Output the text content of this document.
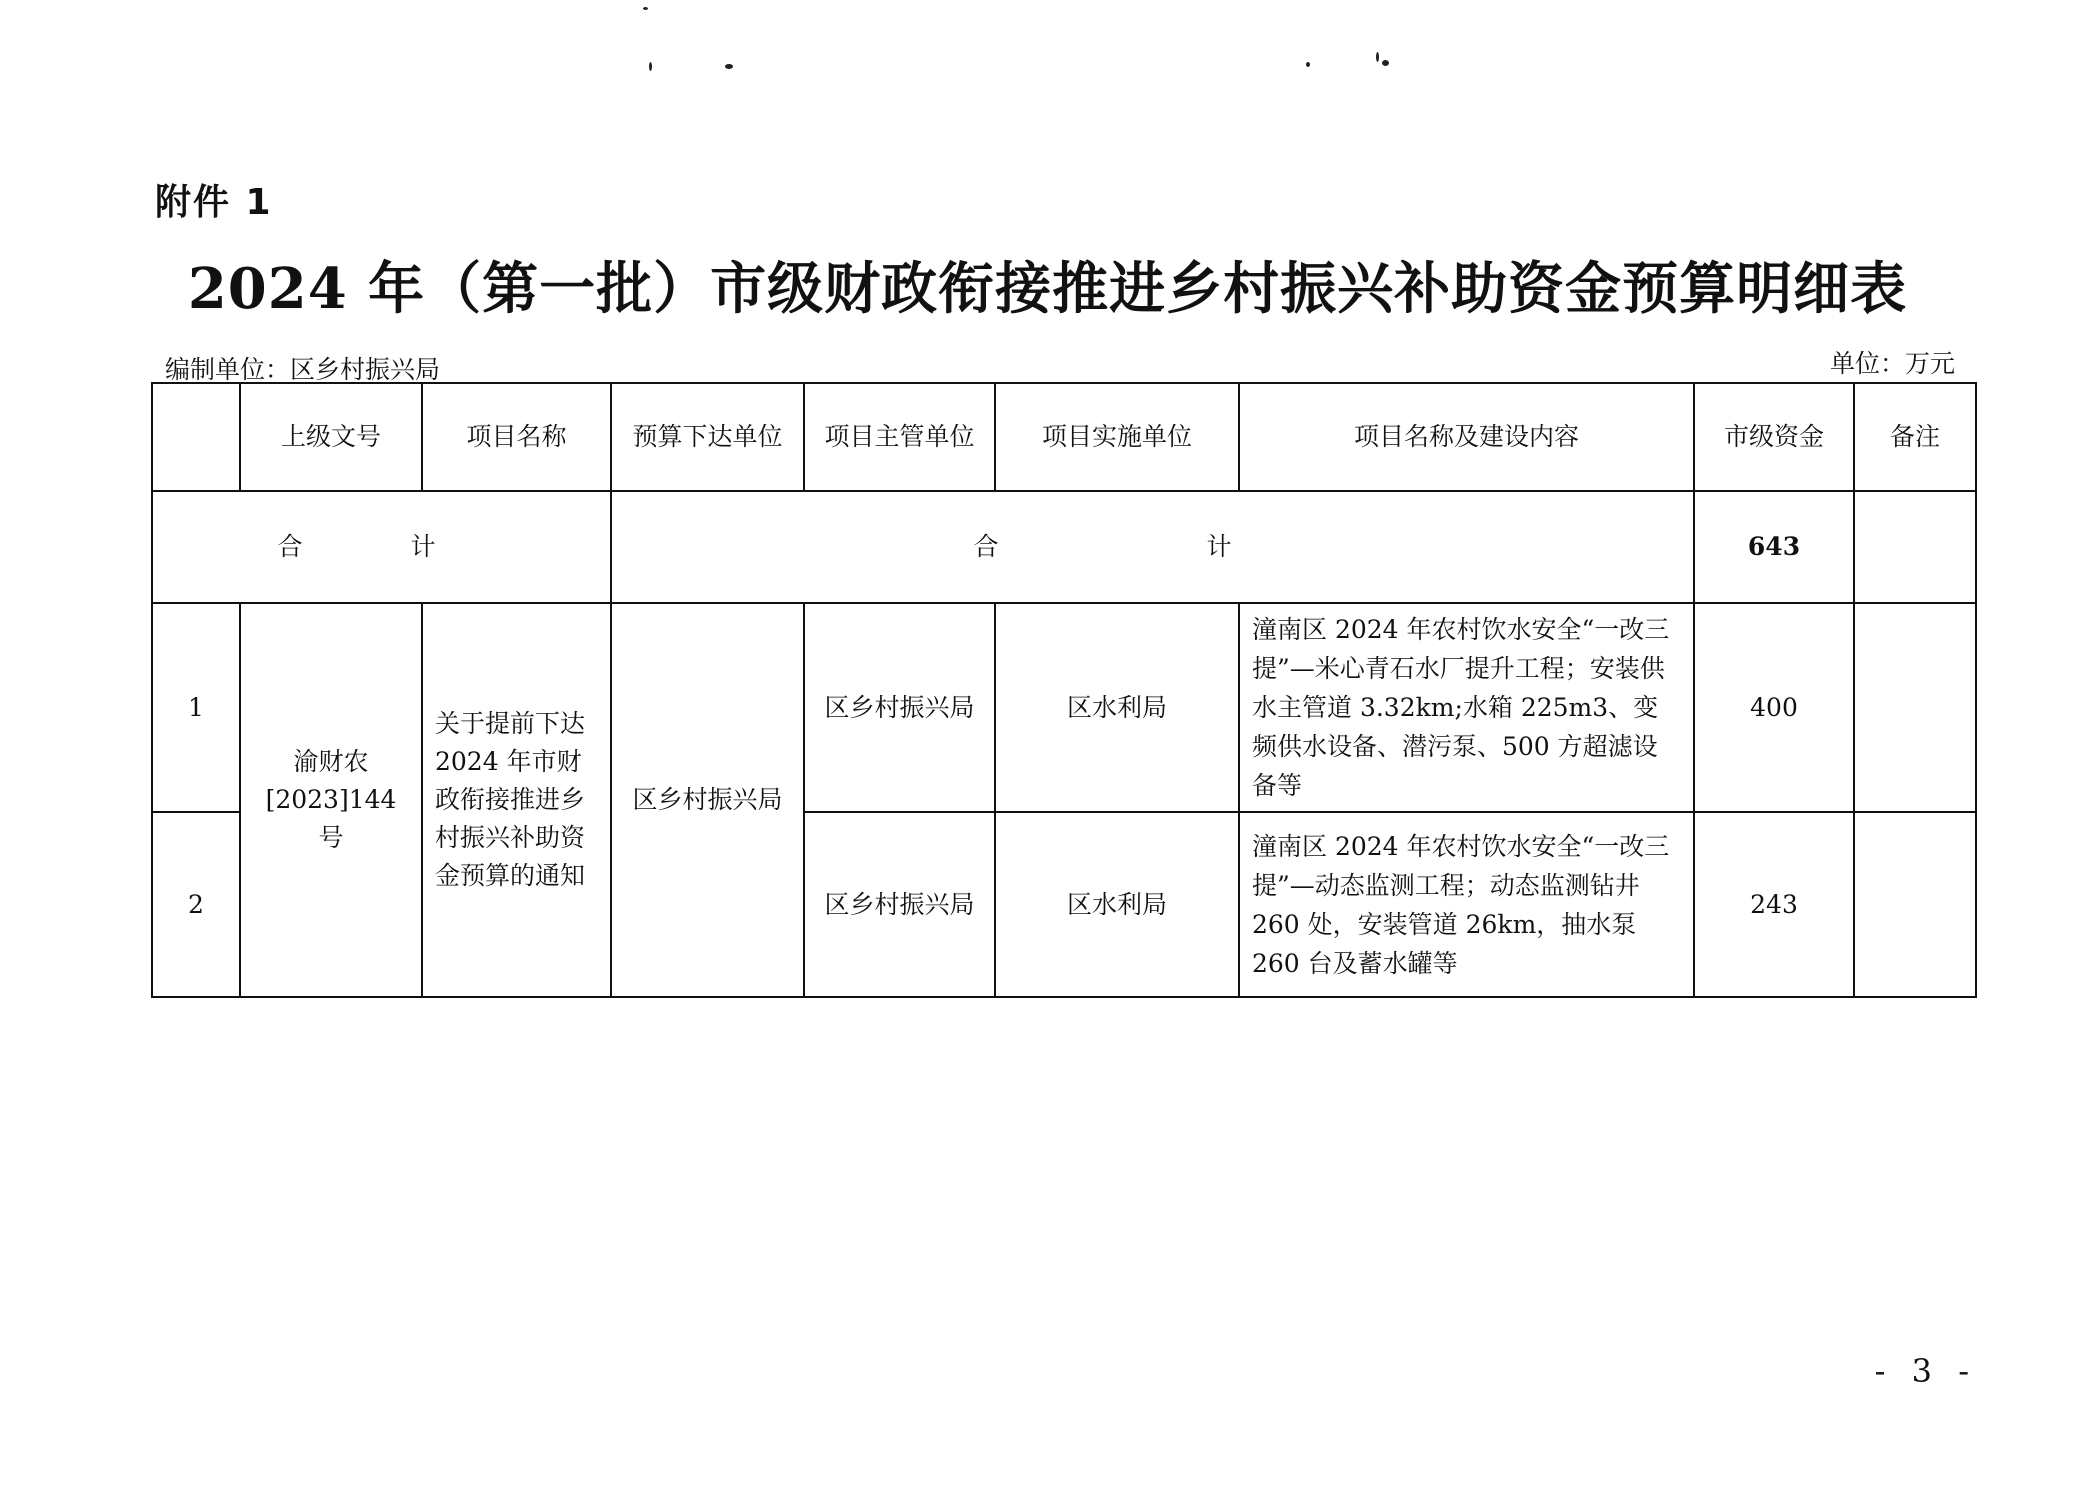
附件 1
2024 年（第一批）市级财政衔接推进乡村振兴补助资金预算明细表
编制单位：区乡村振兴局	单位：万元
	上级文号	项目名称	预算下达单位	项目主管单位	项目实施单位	项目名称及建设内容	市级资金	备注
合 计			合 计				643	
1	渝财农[2023]144 号	关于提前下达2024 年市财政衔接推进乡村振兴补助资金预算的通知	区乡村振兴局	区乡村振兴局	区水利局	潼南区 2024 年农村饮水安全“一改三提”—米心青石水厂提升工程；安装供水主管道 3.32km;水箱 225m3、变频供水设备、潜污泵、500 方超滤设备等	400	
2				区乡村振兴局	区水利局	潼南区 2024 年农村饮水安全“一改三提”—动态监测工程；动态监测钻井 260 处，安装管道 26km，抽水泵 260 台及蓄水罐等	243	
- 3 -
